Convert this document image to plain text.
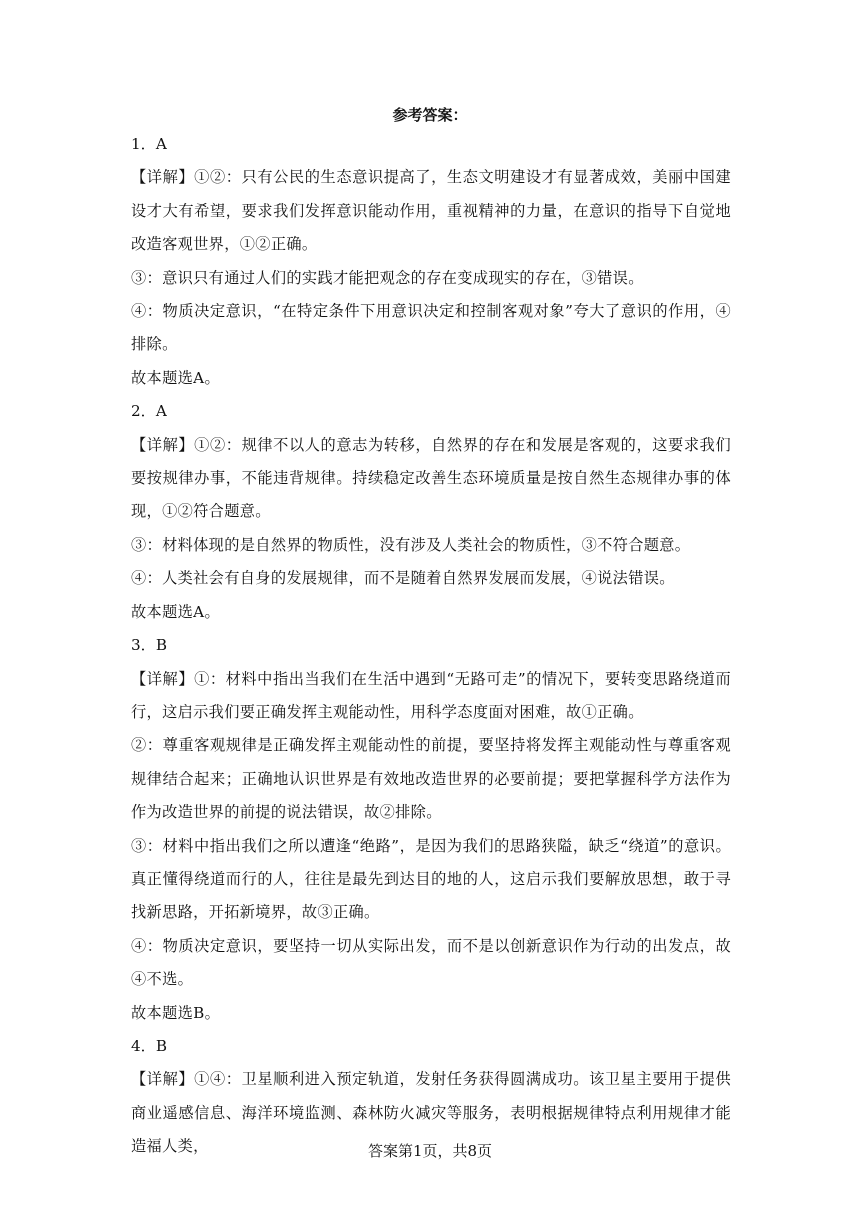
参考答案：

1．A

【详解】①②：只有公民的生态意识提高了，生态文明建设才有显著成效，美丽中国建设才大有希望，要求我们发挥意识能动作用，重视精神的力量，在意识的指导下自觉地改造客观世界，①②正确。

③：意识只有通过人们的实践才能把观念的存在变成现实的存在，③错误。

④：物质决定意识，“在特定条件下用意识决定和控制客观对象”夸大了意识的作用，④排除。

故本题选A。

2．A

【详解】①②：规律不以人的意志为转移，自然界的存在和发展是客观的，这要求我们要按规律办事，不能违背规律。持续稳定改善生态环境质量是按自然生态规律办事的体现，①②符合题意。

③：材料体现的是自然界的物质性，没有涉及人类社会的物质性，③不符合题意。

④：人类社会有自身的发展规律，而不是随着自然界发展而发展，④说法错误。

故本题选A。

3．B

【详解】①：材料中指出当我们在生活中遇到“无路可走”的情况下，要转变思路绕道而行，这启示我们要正确发挥主观能动性，用科学态度面对困难，故①正确。

②：尊重客观规律是正确发挥主观能动性的前提，要坚持将发挥主观能动性与尊重客观规律结合起来；正确地认识世界是有效地改造世界的必要前提；要把掌握科学方法作为作为改造世界的前提的说法错误，故②排除。

③：材料中指出我们之所以遭逢“绝路”，是因为我们的思路狭隘，缺乏“绕道”的意识。真正懂得绕道而行的人，往往是最先到达目的地的人，这启示我们要解放思想，敢于寻找新思路，开拓新境界，故③正确。

④：物质决定意识，要坚持一切从实际出发，而不是以创新意识作为行动的出发点，故④不选。

故本题选B。

4．B

【详解】①④：卫星顺利进入预定轨道，发射任务获得圆满成功。该卫星主要用于提供商业遥感信息、海洋环境监测、森林防火减灾等服务，表明根据规律特点利用规律才能造福人类，	答案第1页，共8页
